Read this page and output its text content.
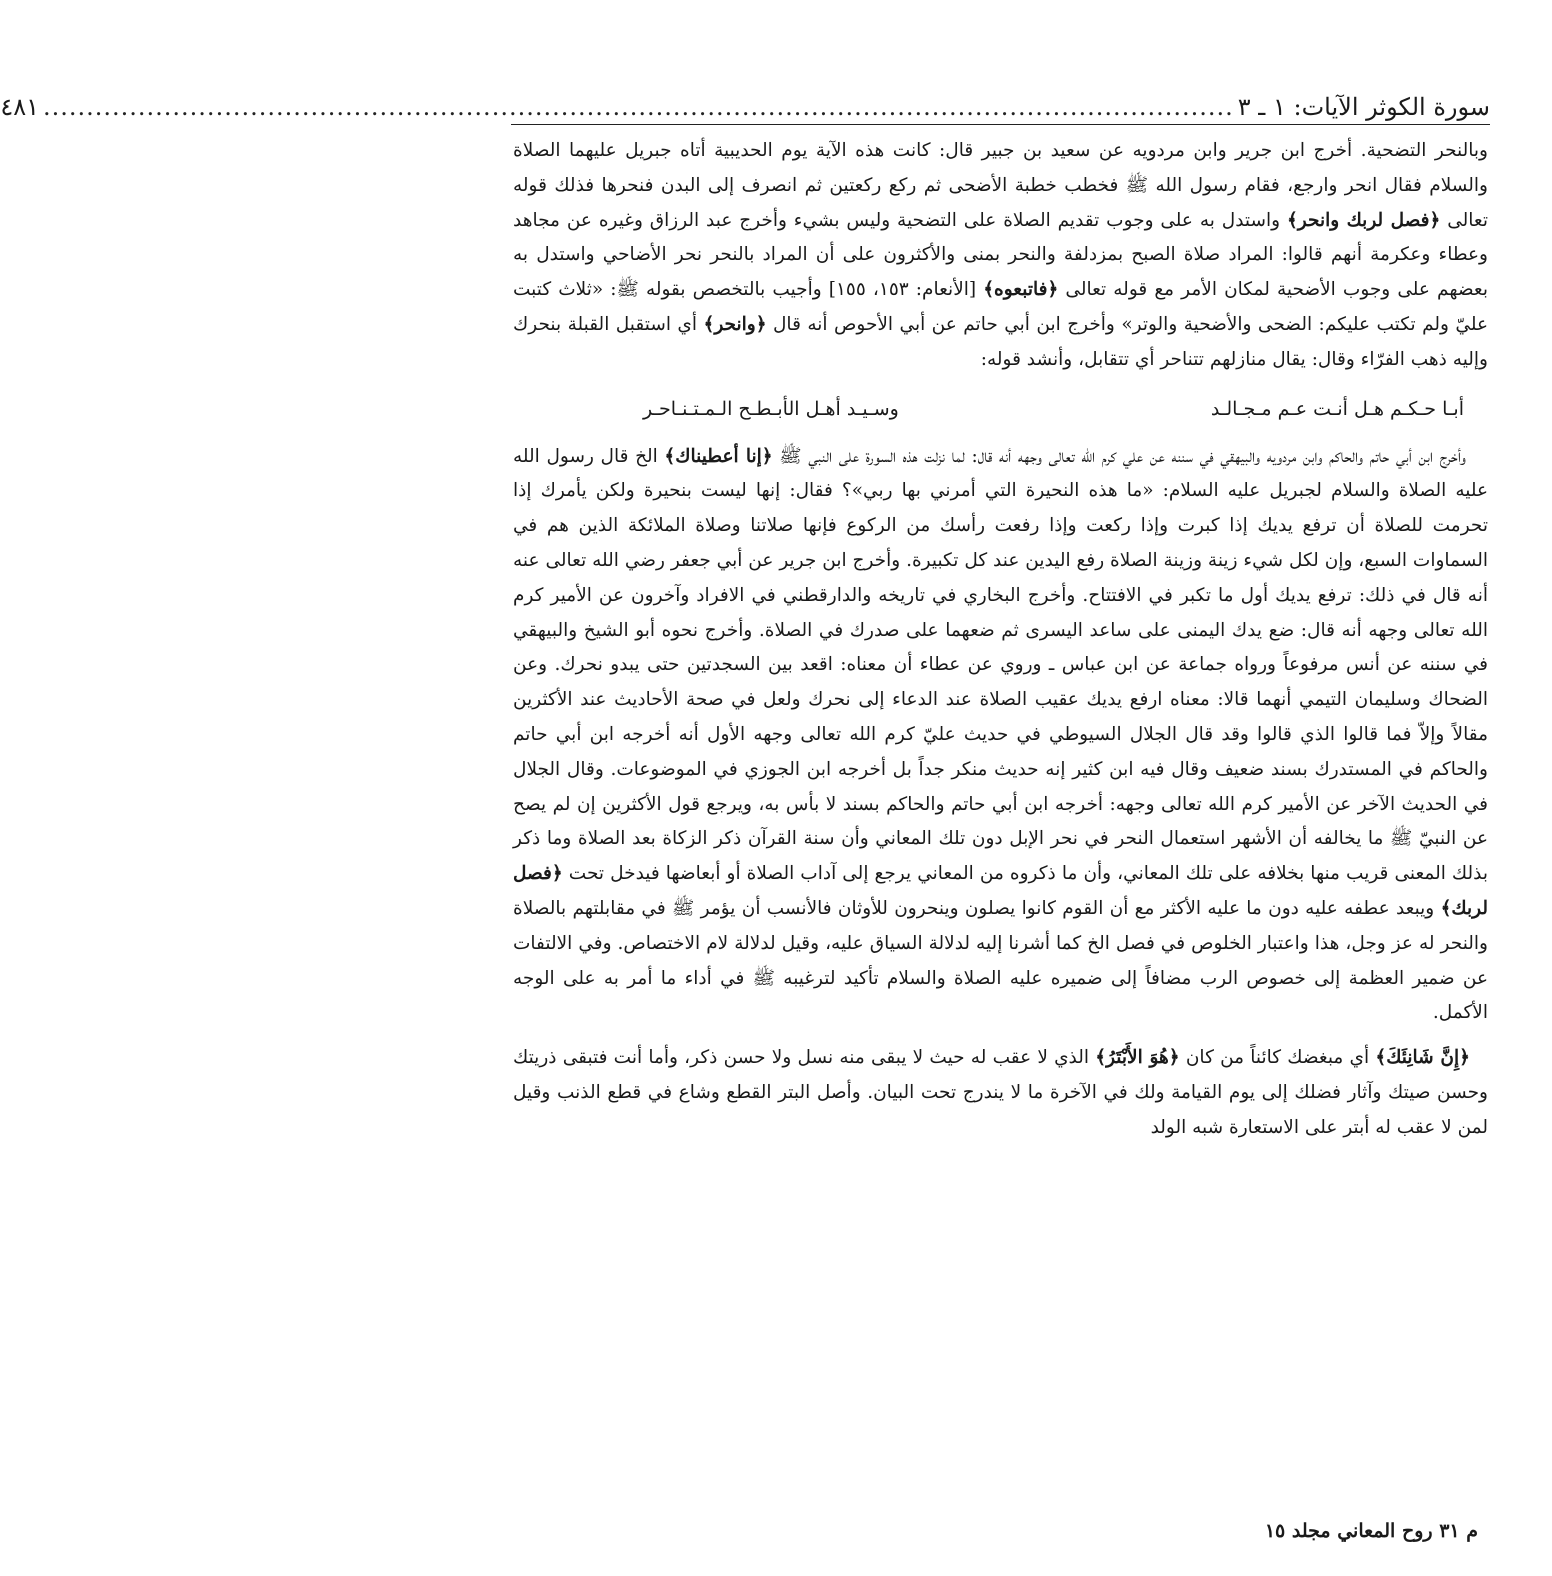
سورة الكوثر الآيات: ١ ـ ٣
..........................................................................................................................................
٤٨١

وبالنحر التضحية. أخرج ابن جرير وابن مردويه عن سعيد بن جبير قال: كانت هذه الآية يوم الحديبية أتاه جبريل عليهما الصلاة والسلام فقال انحر وارجع، فقام رسول الله ﷺ فخطب خطبة الأضحى ثم ركع ركعتين ثم انصرف إلى البدن فنحرها فذلك قوله تعالى ﴿فصل لربك وانحر﴾ واستدل به على وجوب تقديم الصلاة على التضحية وليس بشيء وأخرج عبد الرزاق وغيره عن مجاهد وعطاء وعكرمة أنهم قالوا: المراد صلاة الصبح بمزدلفة والنحر بمنى والأكثرون على أن المراد بالنحر نحر الأضاحي واستدل به بعضهم على وجوب الأضحية لمكان الأمر مع قوله تعالى ﴿فاتبعوه﴾ [الأنعام: ١٥٣، ١٥٥] وأجيب بالتخصص بقوله ﷺ: «ثلاث كتبت عليّ ولم تكتب عليكم: الضحى والأضحية والوتر» وأخرج ابن أبي حاتم عن أبي الأحوص أنه قال ﴿وانحر﴾ أي استقبل القبلة بنحرك وإليه ذهب الفرّاء وقال: يقال منازلهم تتناحر أي تتقابل، وأنشد قوله:

أبـا حـكـم هـل أنـت عـم مـجـالـد
وسـيـد أهـل الأبـطـح الـمـتـنـاحـر

وأخرج ابن أبي حاتم والحاكم وابن مردويه والبيهقي في سننه عن علي كرم الله تعالى وجهه أنه قال: لما نزلت هذه السورة على النبي ﷺ ﴿إنا أعطيناك﴾ الخ قال رسول الله عليه الصلاة والسلام لجبريل عليه السلام: «ما هذه النحيرة التي أمرني بها ربي»؟ فقال: إنها ليست بنحيرة ولكن يأمرك إذا تحرمت للصلاة أن ترفع يديك إذا كبرت وإذا ركعت وإذا رفعت رأسك من الركوع فإنها صلاتنا وصلاة الملائكة الذين هم في السماوات السبع، وإن لكل شيء زينة وزينة الصلاة رفع اليدين عند كل تكبيرة. وأخرج ابن جرير عن أبي جعفر رضي الله تعالى عنه أنه قال في ذلك: ترفع يديك أول ما تكبر في الافتتاح. وأخرج البخاري في تاريخه والدارقطني في الافراد وآخرون عن الأمير كرم الله تعالى وجهه أنه قال: ضع يدك اليمنى على ساعد اليسرى ثم ضعهما على صدرك في الصلاة. وأخرج نحوه أبو الشيخ والبيهقي في سننه عن أنس مرفوعاً ورواه جماعة عن ابن عباس ـ وروي عن عطاء أن معناه: اقعد بين السجدتين حتى يبدو نحرك. وعن الضحاك وسليمان التيمي أنهما قالا: معناه ارفع يديك عقيب الصلاة عند الدعاء إلى نحرك ولعل في صحة الأحاديث عند الأكثرين مقالاً وإلاّ فما قالوا الذي قالوا وقد قال الجلال السيوطي في حديث عليّ كرم الله تعالى وجهه الأول أنه أخرجه ابن أبي حاتم والحاكم في المستدرك بسند ضعيف وقال فيه ابن كثير إنه حديث منكر جداً بل أخرجه ابن الجوزي في الموضوعات. وقال الجلال في الحديث الآخر عن الأمير كرم الله تعالى وجهه: أخرجه ابن أبي حاتم والحاكم بسند لا بأس به، ويرجع قول الأكثرين إن لم يصح عن النبيّ ﷺ ما يخالفه أن الأشهر استعمال النحر في نحر الإبل دون تلك المعاني وأن سنة القرآن ذكر الزكاة بعد الصلاة وما ذكر بذلك المعنى قريب منها بخلافه على تلك المعاني، وأن ما ذكروه من المعاني يرجع إلى آداب الصلاة أو أبعاضها فيدخل تحت ﴿فصل لربك﴾ ويبعد عطفه عليه دون ما عليه الأكثر مع أن القوم كانوا يصلون وينحرون للأوثان فالأنسب أن يؤمر ﷺ في مقابلتهم بالصلاة والنحر له عز وجل، هذا واعتبار الخلوص في فصل الخ كما أشرنا إليه لدلالة السياق عليه، وقيل لدلالة لام الاختصاص. وفي الالتفات عن ضمير العظمة إلى خصوص الرب مضافاً إلى ضميره عليه الصلاة والسلام تأكيد لترغيبه ﷺ في أداء ما أمر به على الوجه الأكمل.

﴿إِنَّ شَانِئَكَ﴾ أي مبغضك كائناً من كان ﴿هُوَ الأَبْتَرُ﴾ الذي لا عقب له حيث لا يبقى منه نسل ولا حسن ذكر، وأما أنت فتبقى ذريتك وحسن صيتك وآثار فضلك إلى يوم القيامة ولك في الآخرة ما لا يندرج تحت البيان. وأصل البتر القطع وشاع في قطع الذنب وقيل لمن لا عقب له أبتر على الاستعارة شبه الولد

م ٣١ روح المعاني مجلد ١٥
